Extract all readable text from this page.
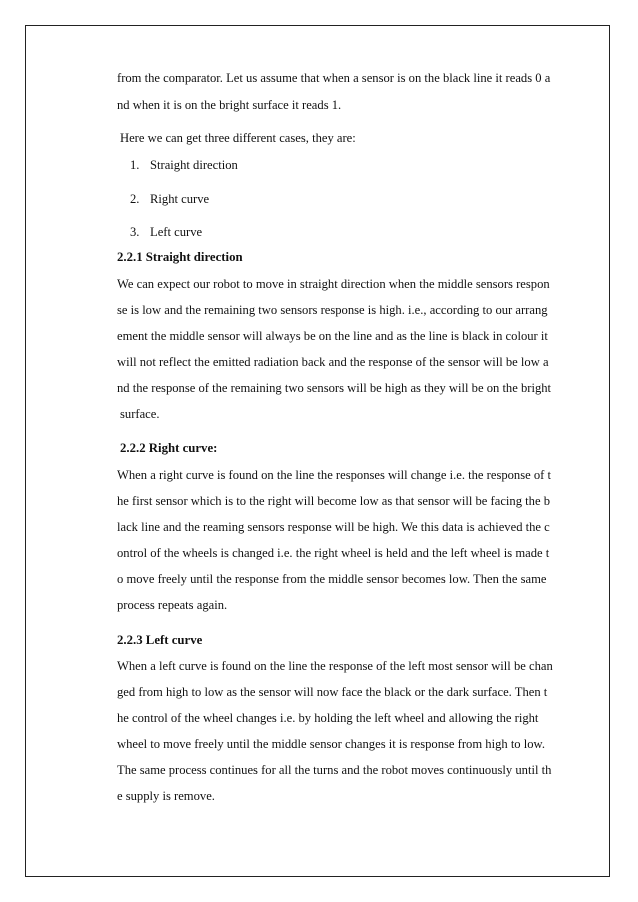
from the comparator. Let us assume that when a sensor is on the black line it reads 0 a
nd when it is on the bright surface it reads 1.
Here we can get three different cases, they are:
1. Straight direction
2. Right curve
3. Left curve
2.2.1 Straight direction
We can expect our robot to move in straight direction when the middle sensors respon
se is low and the remaining two sensors response is high. i.e., according to our arrang
ement the middle sensor will always be on the line and as the line is black in colour it
will not reflect the emitted radiation back and the response of the sensor will be low a
nd the response of the remaining two sensors will be high as they will be on the bright
surface.
2.2.2 Right curve:
When a right curve is found on the line the responses will change i.e. the response of t
he first sensor which is to the right will become low as that sensor will be facing the b
lack line and the reaming sensors response will be high. We this data is achieved the c
ontrol of the wheels is changed i.e. the right wheel is held and the left wheel is made t
o move freely until the response from the middle sensor becomes low. Then the same
process repeats again.
2.2.3 Left curve
When a left curve is found on the line the response of the left most sensor will be chan
ged from high to low as the sensor will now face the black or the dark surface. Then t
he control of the wheel changes i.e. by holding the left wheel and allowing the right
wheel to move freely until the middle sensor changes it is response from high to low.
The same process continues for all the turns and the robot moves continuously until th
e supply is remove.
